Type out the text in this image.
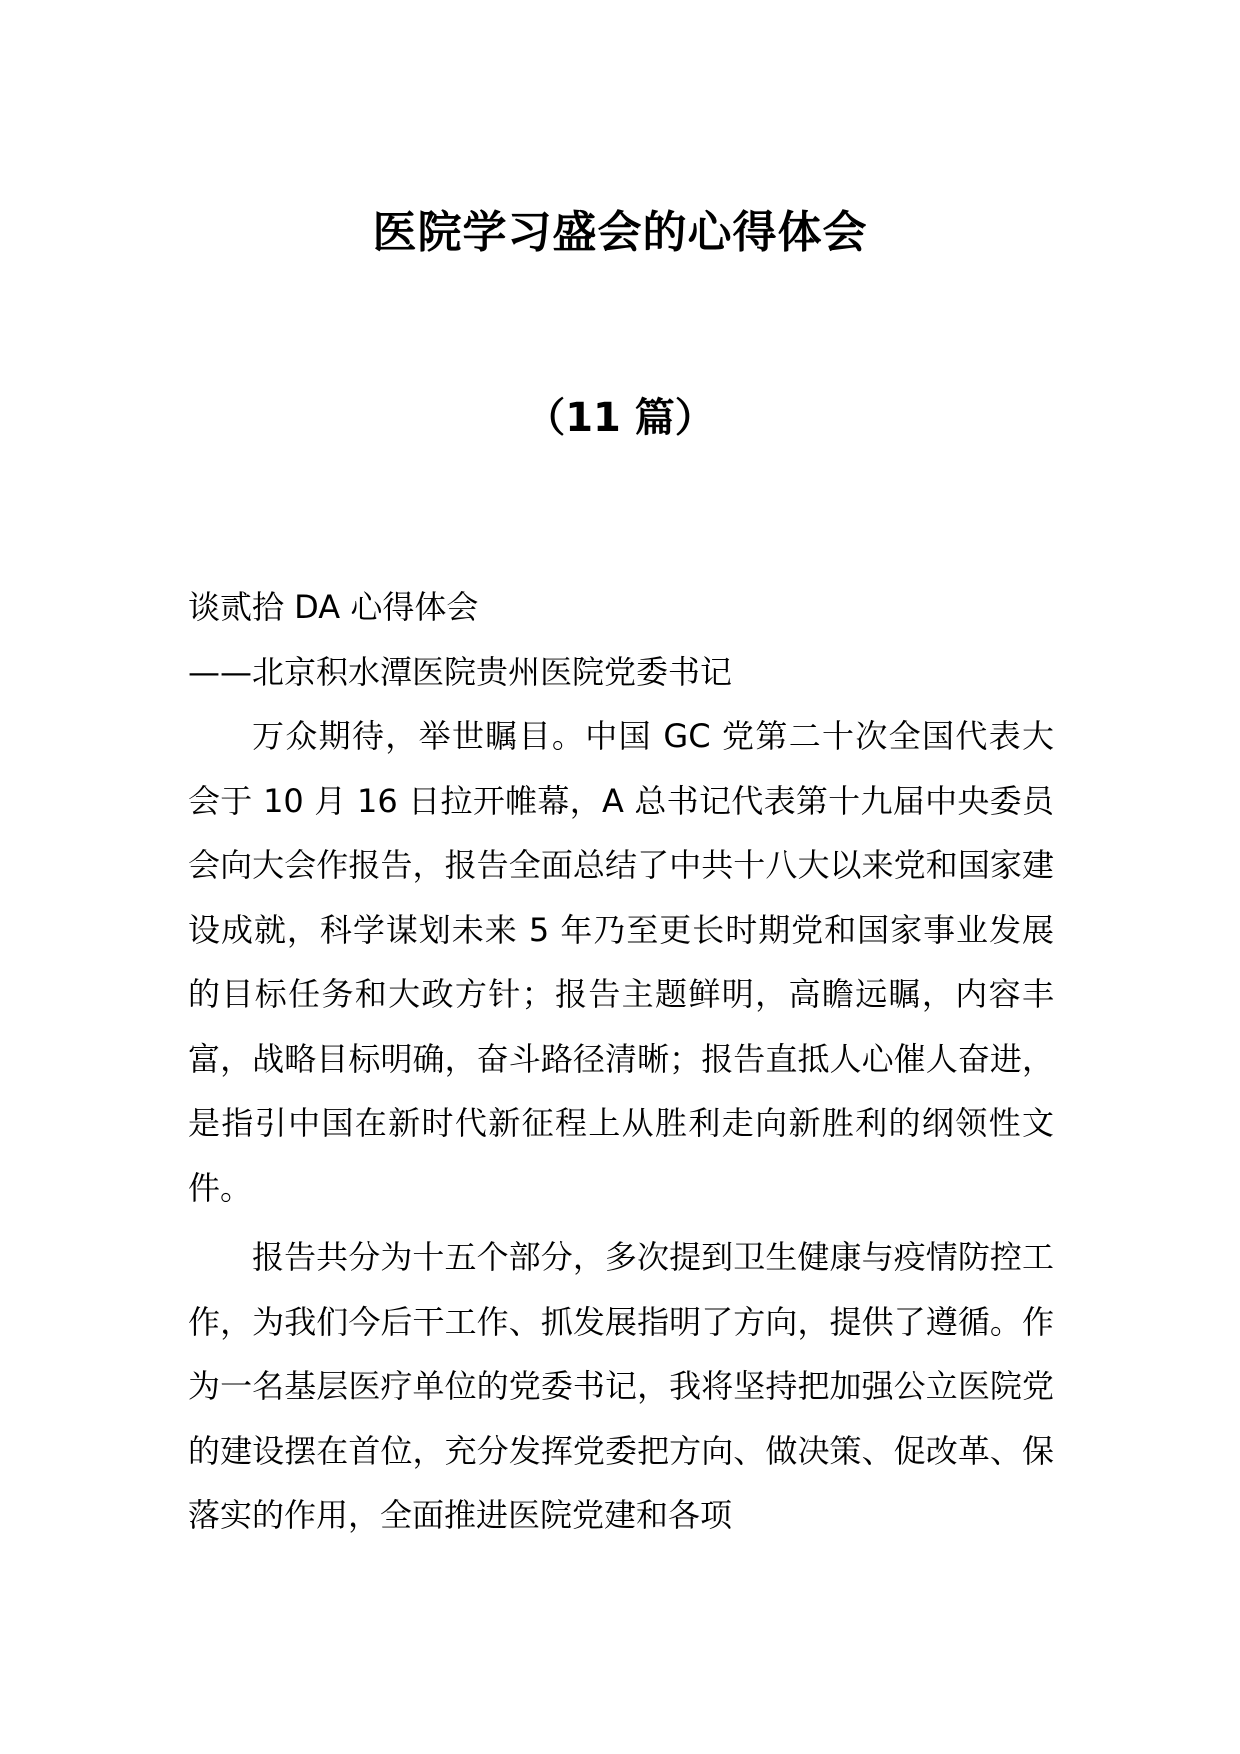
医院学习盛会的心得体会
（11 篇）
谈贰拾 DA 心得体会
——北京积水潭医院贵州医院党委书记
万众期待，举世瞩目。中国 GC 党第二十次全国代表大会于 10 月 16 日拉开帷幕，A 总书记代表第十九届中央委员会向大会作报告，报告全面总结了中共十八大以来党和国家建设成就，科学谋划未来 5 年乃至更长时期党和国家事业发展的目标任务和大政方针；报告主题鲜明，高瞻远瞩，内容丰富，战略目标明确，奋斗路径清晰；报告直抵人心催人奋进，是指引中国在新时代新征程上从胜利走向新胜利的纲领性文件。
报告共分为十五个部分，多次提到卫生健康与疫情防控工作，为我们今后干工作、抓发展指明了方向，提供了遵循。作为一名基层医疗单位的党委书记，我将坚持把加强公立医院党的建设摆在首位，充分发挥党委把方向、做决策、促改革、保落实的作用，全面推进医院党建和各项
